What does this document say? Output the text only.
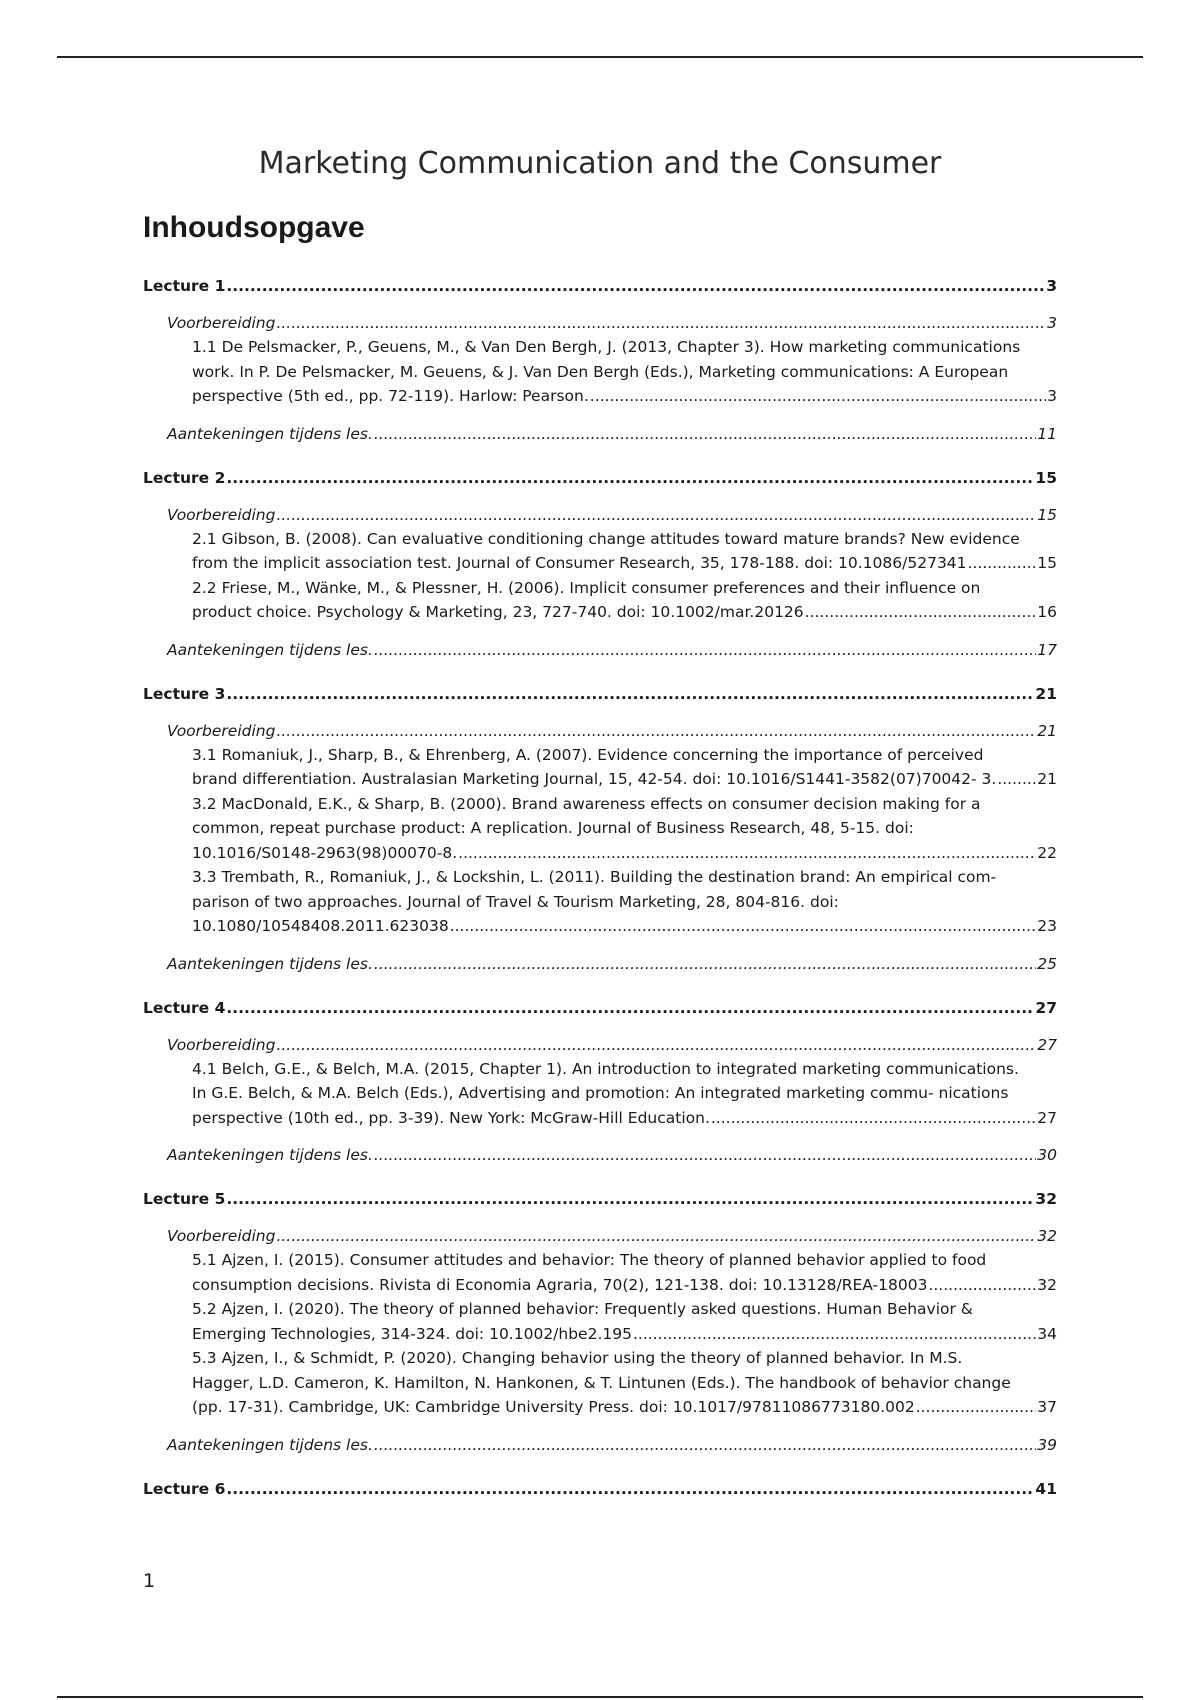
Marketing Communication and the Consumer
Inhoudsopgave
Lecture 1 .....	3
Voorbereiding .....	3
1.1 De Pelsmacker, P., Geuens, M., & Van Den Bergh, J. (2013, Chapter 3). How marketing communications
work. In P. De Pelsmacker, M. Geuens, & J. Van Den Bergh (Eds.), Marketing communications: A European
perspective (5th ed., pp. 72-119). Harlow: Pearson. .....	3
Aantekeningen tijdens les. .....	11
Lecture 2 .....	15
Voorbereiding .....	15
2.1 Gibson, B. (2008). Can evaluative conditioning change attitudes toward mature brands? New evidence
from the implicit association test. Journal of Consumer Research, 35, 178-188. doi: 10.1086/527341 .....	15
2.2 Friese, M., Wänke, M., & Plessner, H. (2006). Implicit consumer preferences and their influence on
product choice. Psychology & Marketing, 23, 727-740. doi: 10.1002/mar.20126 .....	16
Aantekeningen tijdens les. .....	17
Lecture 3 .....	21
Voorbereiding .....	21
3.1 Romaniuk, J., Sharp, B., & Ehrenberg, A. (2007). Evidence concerning the importance of perceived
brand differentiation. Australasian Marketing Journal, 15, 42-54. doi: 10.1016/S1441-3582(07)70042- 3. .....	21
3.2 MacDonald, E.K., & Sharp, B. (2000). Brand awareness effects on consumer decision making for a
common, repeat purchase product: A replication. Journal of Business Research, 48, 5-15. doi:
10.1016/S0148-2963(98)00070-8. .....	22
3.3 Trembath, R., Romaniuk, J., & Lockshin, L. (2011). Building the destination brand: An empirical com-
parison of two approaches. Journal of Travel & Tourism Marketing, 28, 804-816. doi:
10.1080/10548408.2011.623038 .....	23
Aantekeningen tijdens les. .....	25
Lecture 4 .....	27
Voorbereiding .....	27
4.1 Belch, G.E., & Belch, M.A. (2015, Chapter 1). An introduction to integrated marketing communications.
In G.E. Belch, & M.A. Belch (Eds.), Advertising and promotion: An integrated marketing commu- nications
perspective (10th ed., pp. 3-39). New York: McGraw-Hill Education. .....	27
Aantekeningen tijdens les. .....	30
Lecture 5 .....	32
Voorbereiding .....	32
5.1 Ajzen, I. (2015). Consumer attitudes and behavior: The theory of planned behavior applied to food
consumption decisions. Rivista di Economia Agraria, 70(2), 121-138. doi: 10.13128/REA-18003 .....	32
5.2 Ajzen, I. (2020). The theory of planned behavior: Frequently asked questions. Human Behavior &
Emerging Technologies, 314-324. doi: 10.1002/hbe2.195 .....	34
5.3 Ajzen, I., & Schmidt, P. (2020). Changing behavior using the theory of planned behavior. In M.S.
Hagger, L.D. Cameron, K. Hamilton, N. Hankonen, & T. Lintunen (Eds.). The handbook of behavior change
(pp. 17-31). Cambridge, UK: Cambridge University Press. doi: 10.1017/97811086773180.002 .....	37
Aantekeningen tijdens les. .....	39
Lecture 6 .....	41
1
